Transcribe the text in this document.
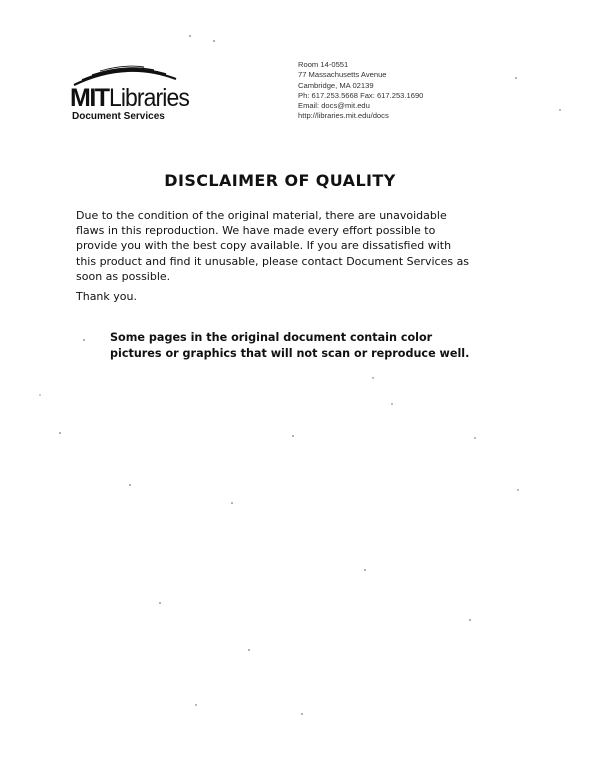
MITLibraries
Document Services
Room 14-0551
77 Massachusetts Avenue
Cambridge, MA 02139
Ph: 617.253.5668 Fax: 617.253.1690
Email: docs@mit.edu
http://libraries.mit.edu/docs
DISCLAIMER OF QUALITY
Due to the condition of the original material, there are unavoidable
flaws in this reproduction. We have made every effort possible to
provide you with the best copy available. If you are dissatisfied with
this product and find it unusable, please contact Document Services as
soon as possible.
Thank you.
Some pages in the original document contain color
pictures or graphics that will not scan or reproduce well.
